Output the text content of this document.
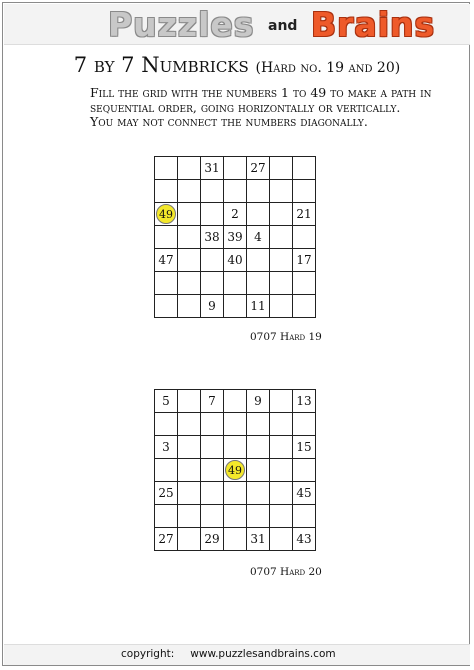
Puzzles and Brains
7 by 7 Numbricks (Hard no. 19 and 20)
Fill the grid with the numbers 1 to 49 to make a path in
sequential order, going horizontally or vertically.
You may not connect the numbers diagonally.
		31		27		

49			2			21
		38	39	4		
47			40			17

		9		11		
0707 Hard 19
5		7		9		13

3						15
			49			
25						45

27		29		31		43
0707 Hard 20
copyright: www.puzzlesandbrains.com
